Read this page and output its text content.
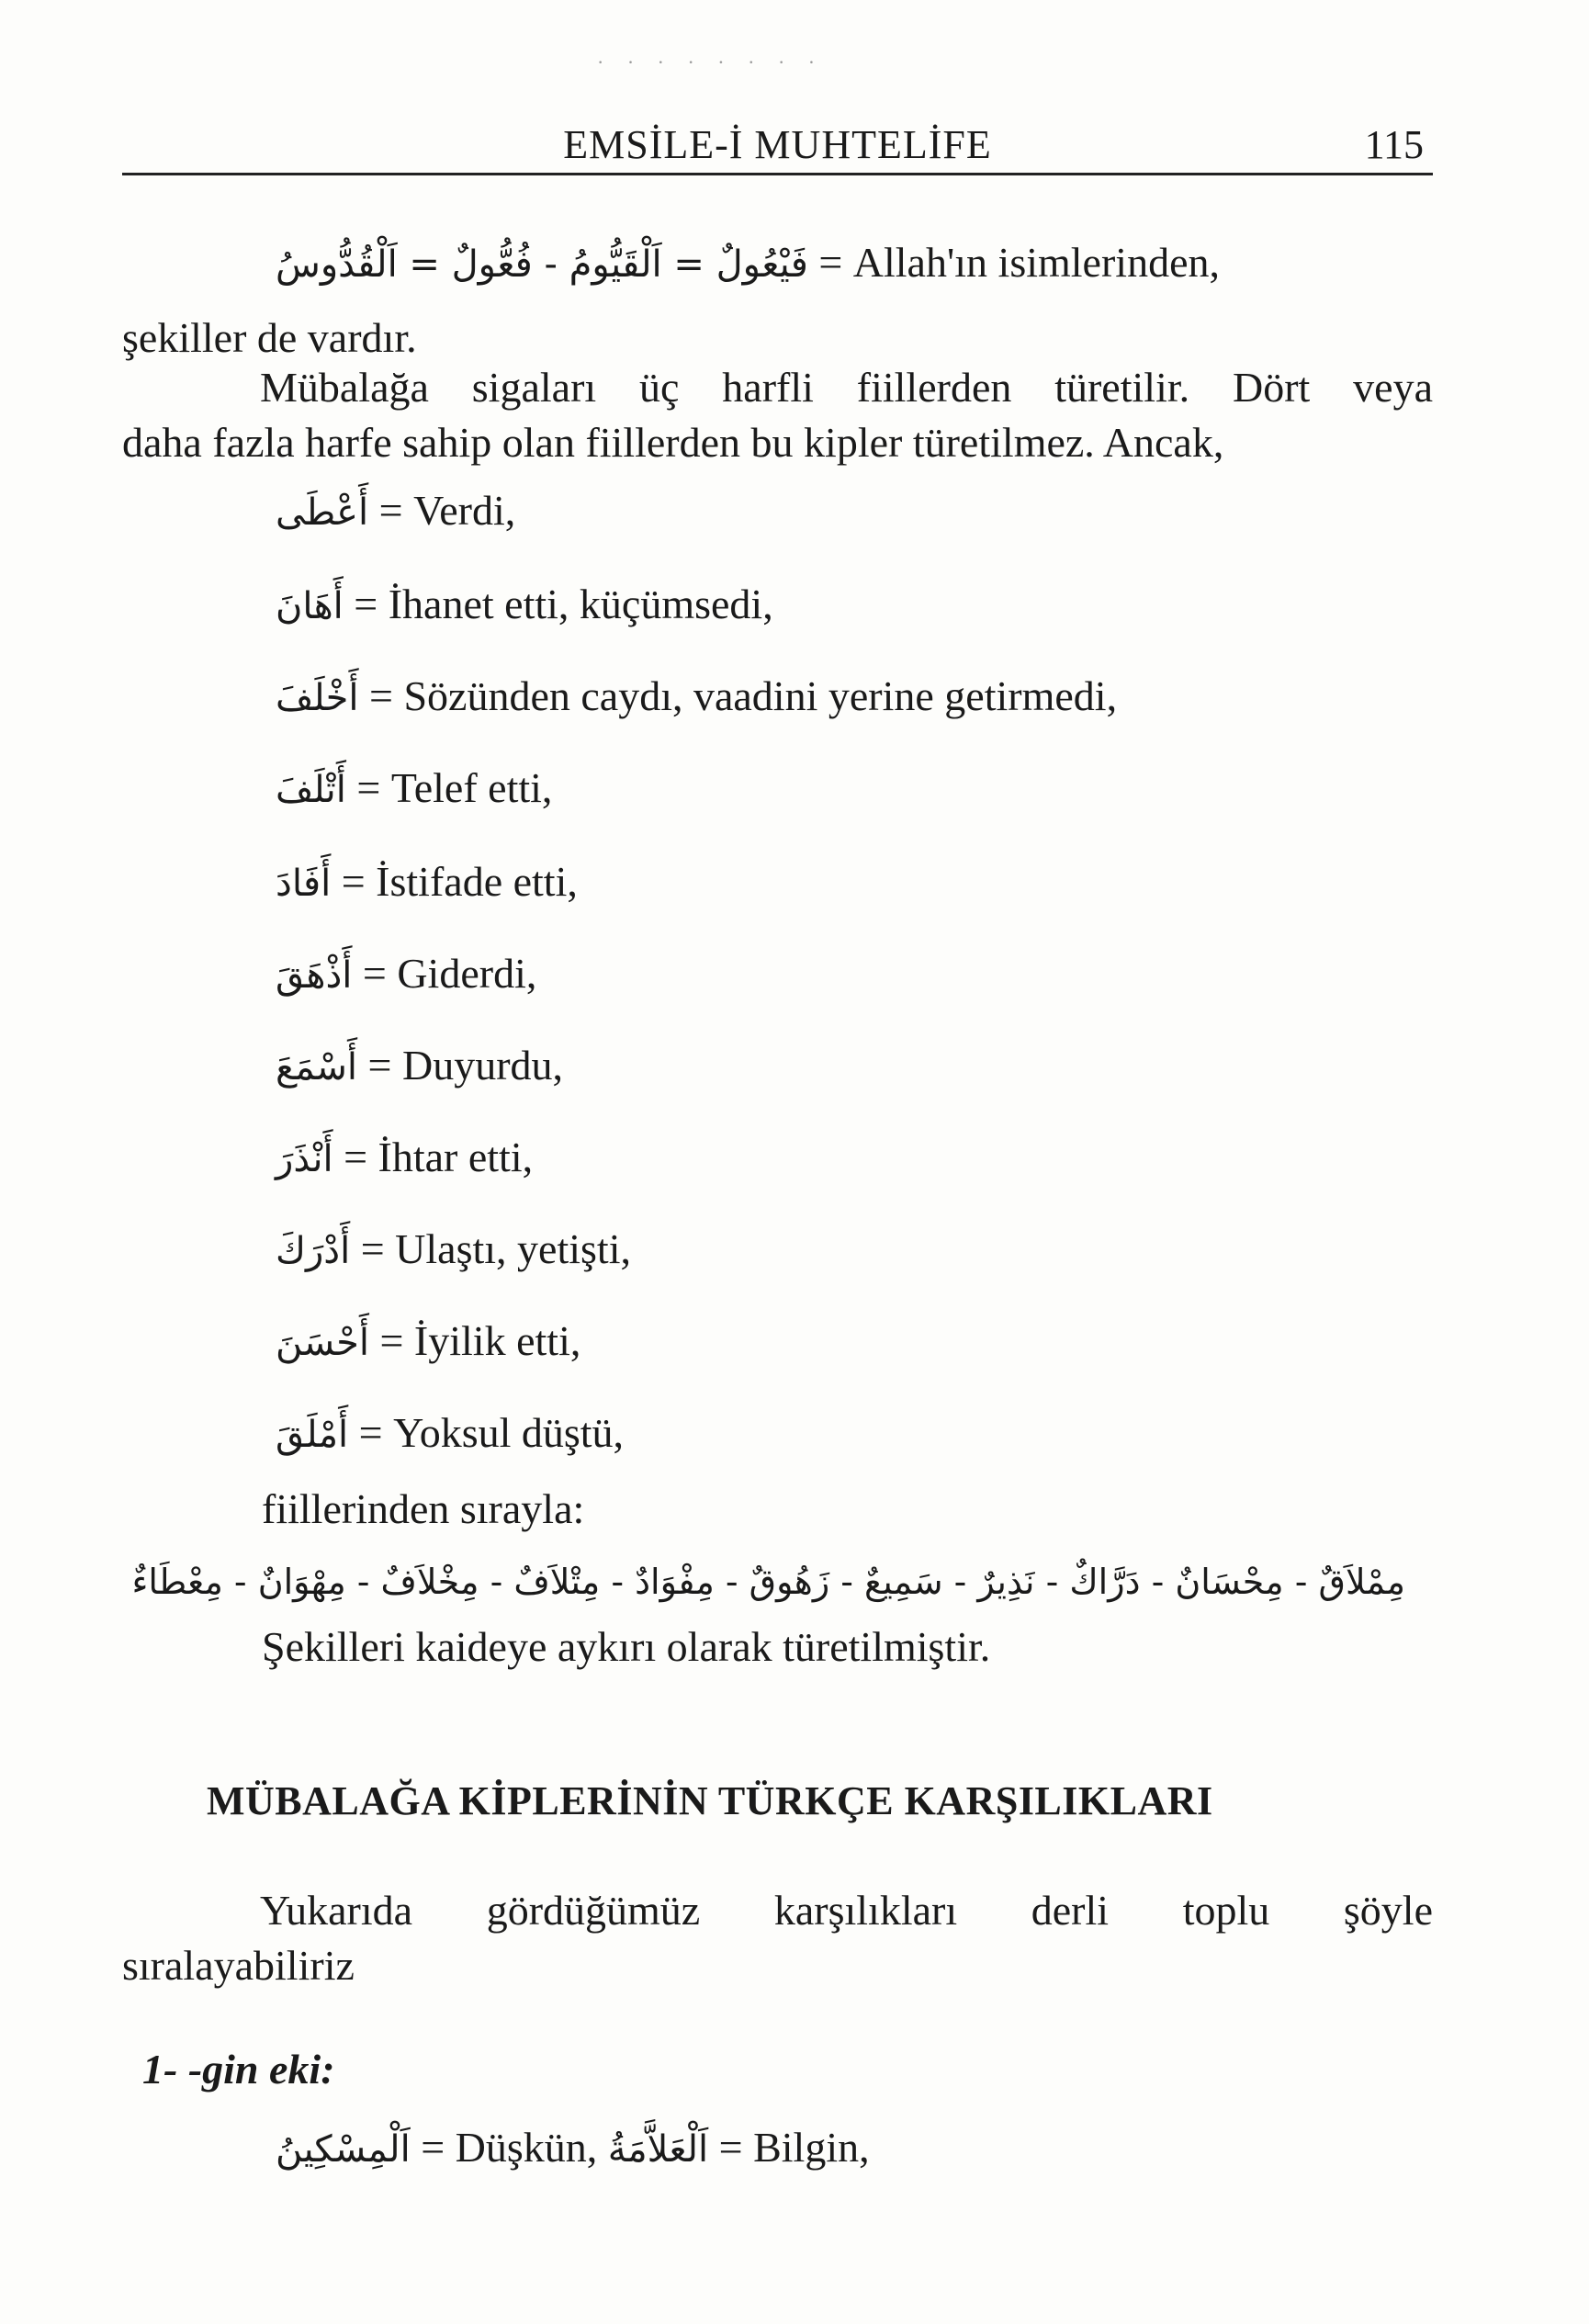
· · · · · · · ·
EMSİLE-İ MUHTELİFE	115
فَيْعُولٌ = اَلْقَيُّومُ - فُعُّولٌ = اَلْقُدُّوسُ = Allah'ın isimlerinden,
şekiller de vardır.
Mübalağa sigaları üç harfli fiillerden türetilir. Dört veya
daha fazla harfe sahip olan fiillerden bu kipler türetilmez. Ancak,
أَعْطَى = Verdi,
أَهَانَ = İhanet etti, küçümsedi,
أَخْلَفَ = Sözünden caydı, vaadini yerine getirmedi,
أَتْلَفَ = Telef etti,
أَفَادَ = İstifade etti,
أَذْهَقَ = Giderdi,
أَسْمَعَ = Duyurdu,
أَنْذَرَ = İhtar etti,
أَدْرَكَ = Ulaştı, yetişti,
أَحْسَنَ = İyilik etti,
أَمْلَقَ = Yoksul düştü,
fiillerinden sırayla:
مِمْلاَقٌ - مِحْسَانٌ - دَرَّاكٌ - نَذِيرٌ - سَمِيعٌ - زَهُوقٌ - مِفْوَادٌ - مِتْلاَفٌ - مِخْلاَفٌ - مِهْوَانٌ - مِعْطَاءٌ
Şekilleri kaideye aykırı olarak türetilmiştir.
MÜBALAĞA KİPLERİNİN TÜRKÇE KARŞILIKLARI
Yukarıda gördüğümüz karşılıkları derli toplu şöyle
sıralayabiliriz
1- -gin eki:
اَلْمِسْكِينُ = Düşkün, اَلْعَلاَّمَةُ = Bilgin,
